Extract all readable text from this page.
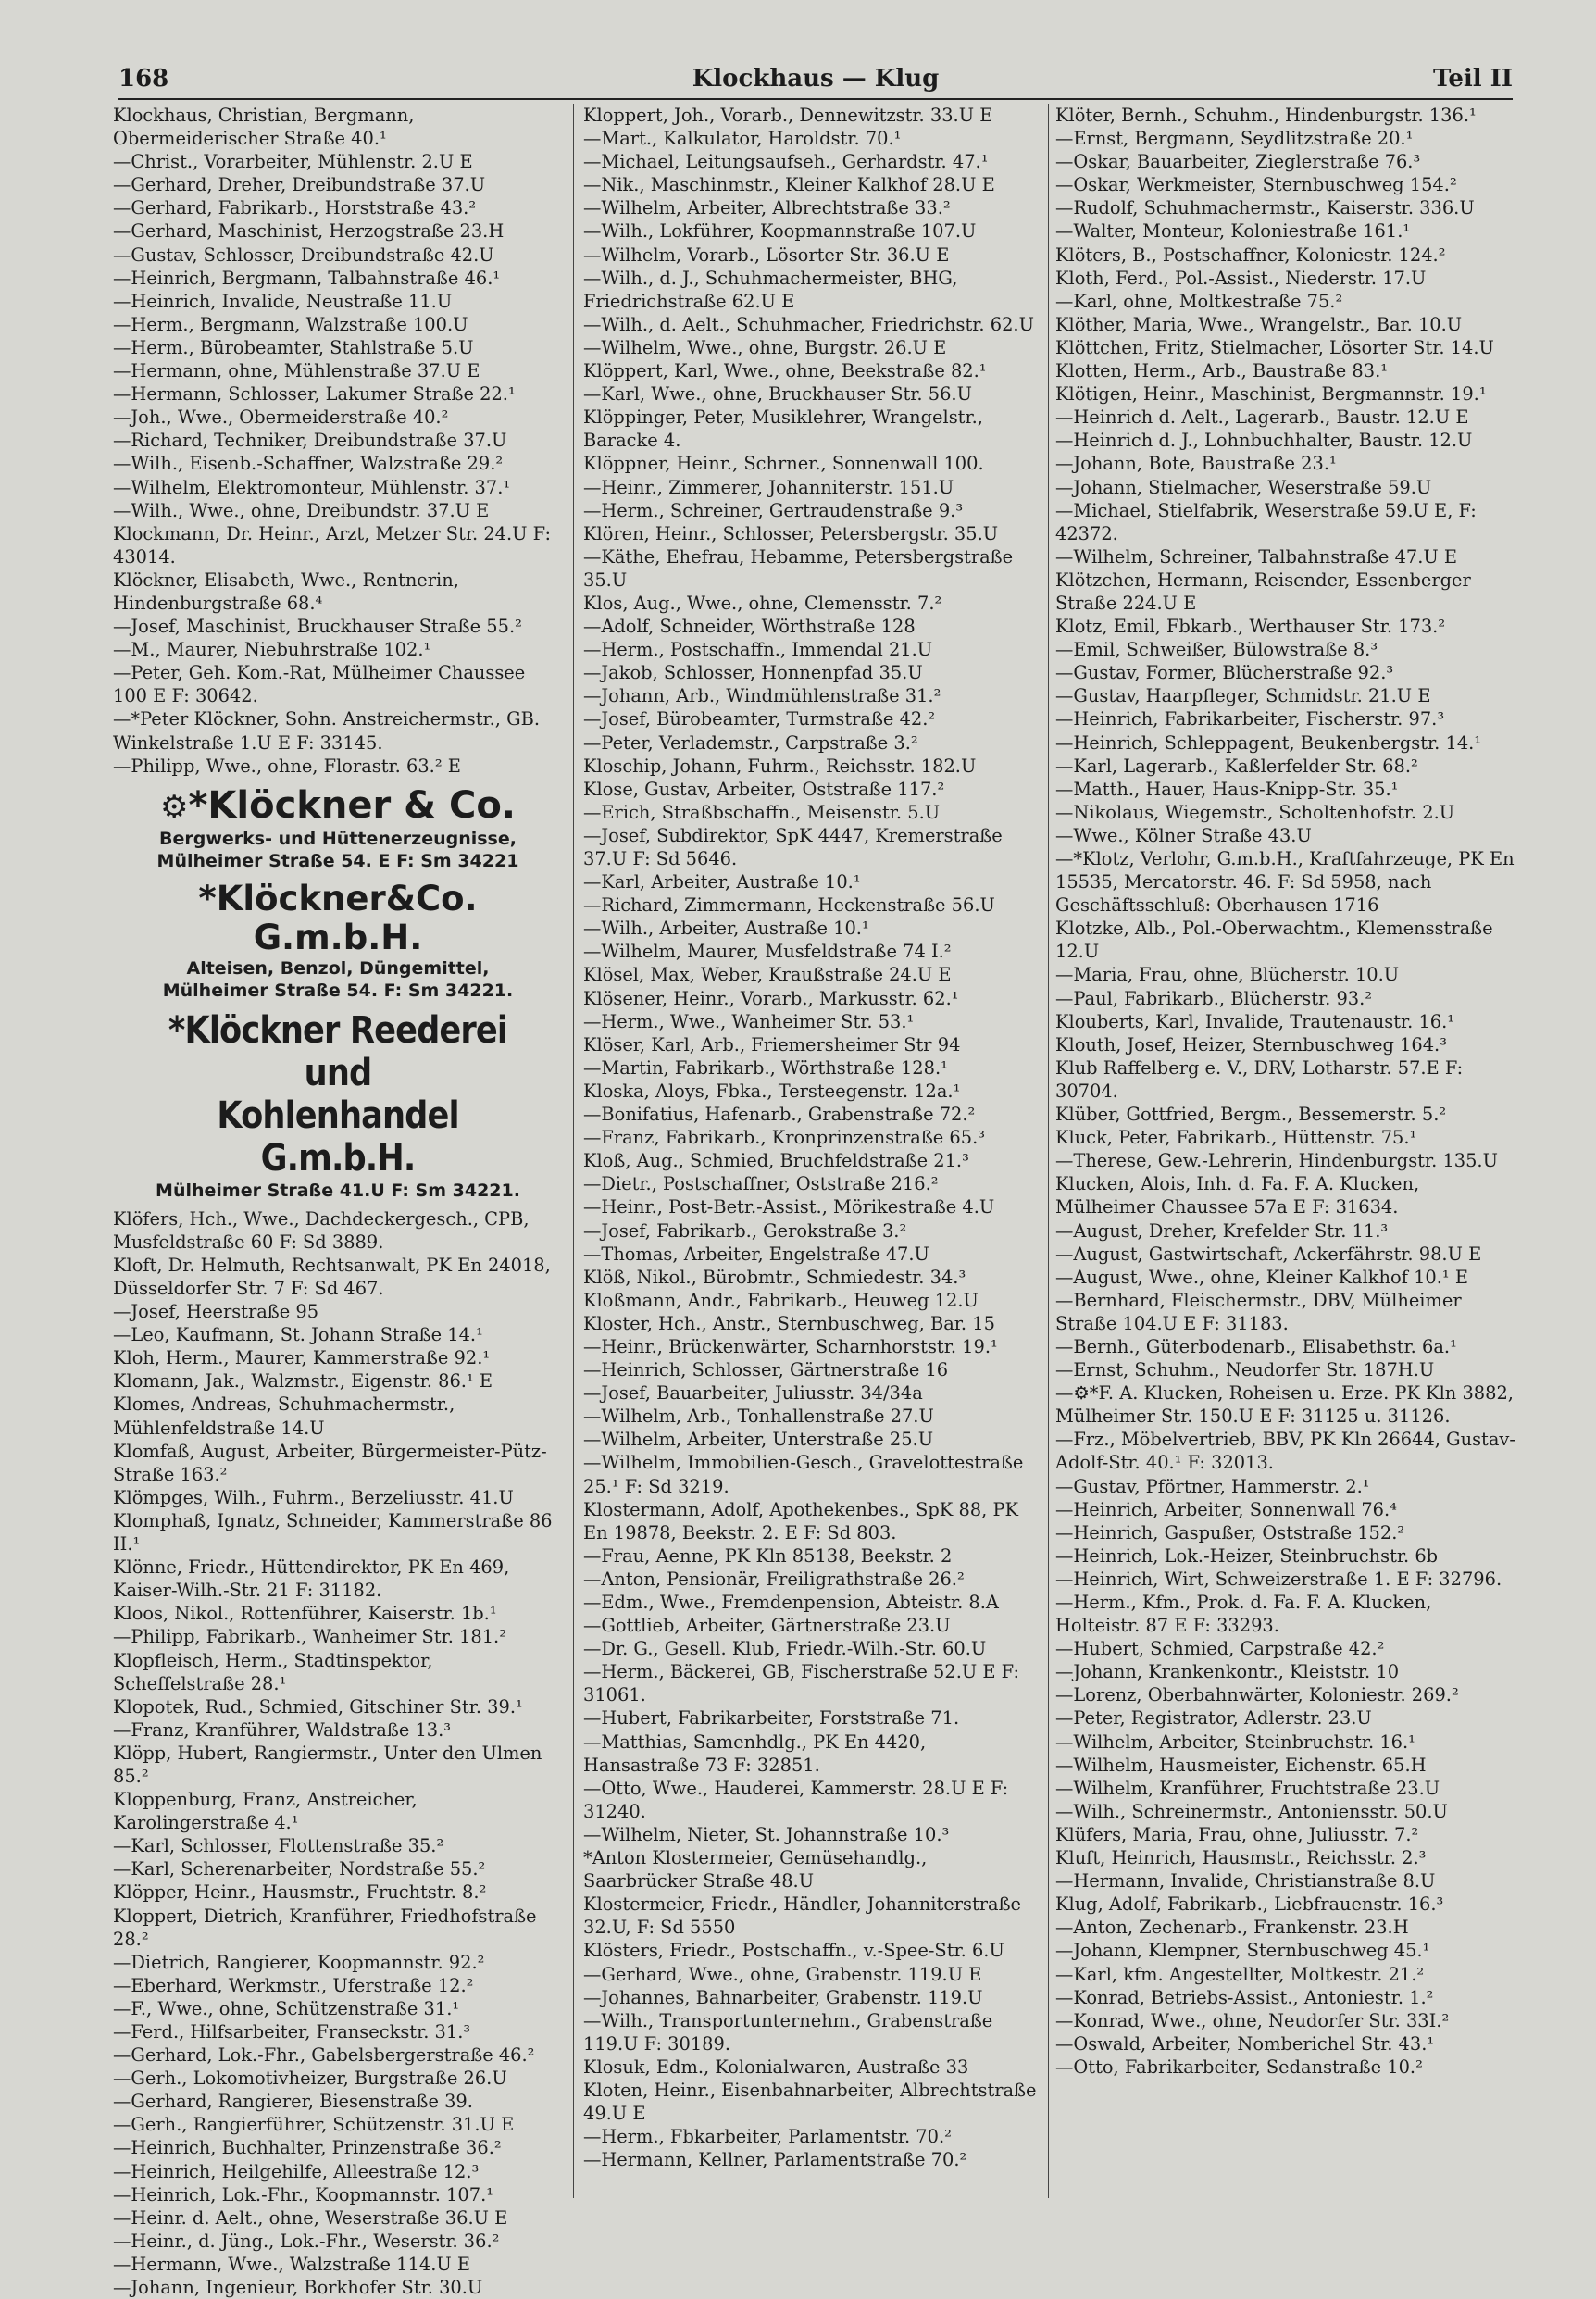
168	Klockhaus — Klug	Teil II
Klockhaus, Christian, Bergmann, Obermeiderischer Straße 40.¹
—Christ., Vorarbeiter, Mühlenstr. 2.U E
—Gerhard, Dreher, Dreibundstraße 37.U
—Gerhard, Fabrikarb., Horststraße 43.²
—Gerhard, Maschinist, Herzogstraße 23.H
—Gustav, Schlosser, Dreibundstraße 42.U
—Heinrich, Bergmann, Talbahnstraße 46.¹
—Heinrich, Invalide, Neustraße 11.U
—Herm., Bergmann, Walzstraße 100.U
—Herm., Bürobeamter, Stahlstraße 5.U
—Hermann, ohne, Mühlenstraße 37.U E
—Hermann, Schlosser, Lakumer Straße 22.¹
—Joh., Wwe., Obermeiderstraße 40.²
—Richard, Techniker, Dreibundstraße 37.U
—Wilh., Eisenb.-Schaffner, Walzstraße 29.²
—Wilhelm, Elektromonteur, Mühlenstr. 37.¹
—Wilh., Wwe., ohne, Dreibundstr. 37.U E
Klockmann, Dr. Heinr., Arzt, Metzer Str. 24.U F: 43014.
Klöckner, Elisabeth, Wwe., Rentnerin, Hindenburgstraße 68.⁴
—Josef, Maschinist, Bruckhauser Straße 55.²
—M., Maurer, Niebuhrstraße 102.¹
—Peter, Geh. Kom.-Rat, Mülheimer Chaussee 100 E F: 30642.
—*Peter Klöckner, Sohn. Anstreichermstr., GB. Winkelstraße 1.U E F: 33145.
—Philipp, Wwe., ohne, Florastr. 63.² E
⚙*Klöckner & Co.
Bergwerks- und Hüttenerzeugnisse,
Mülheimer Straße 54. E F: Sm 34221
*Klöckner&Co. G.m.b.H.
Alteisen, Benzol, Düngemittel,
Mülheimer Straße 54. F: Sm 34221.
*Klöckner Reederei und
Kohlenhandel G.m.b.H.
Mülheimer Straße 41.U F: Sm 34221.
Klöfers, Hch., Wwe., Dachdeckergesch., CPB, Musfeldstraße 60 F: Sd 3889.
Kloft, Dr. Helmuth, Rechtsanwalt, PK En 24018, Düsseldorfer Str. 7 F: Sd 467.
—Josef, Heerstraße 95
—Leo, Kaufmann, St. Johann Straße 14.¹
Kloh, Herm., Maurer, Kammerstraße 92.¹
Klomann, Jak., Walzmstr., Eigenstr. 86.¹ E
Klomes, Andreas, Schuhmachermstr., Mühlenfeldstraße 14.U
Klomfaß, August, Arbeiter, Bürgermeister-Pütz-Straße 163.²
Klömpges, Wilh., Fuhrm., Berzeliusstr. 41.U
Klomphaß, Ignatz, Schneider, Kammerstraße 86 II.¹
Klönne, Friedr., Hüttendirektor, PK En 469, Kaiser-Wilh.-Str. 21 F: 31182.
Kloos, Nikol., Rottenführer, Kaiserstr. 1b.¹
—Philipp, Fabrikarb., Wanheimer Str. 181.²
Klopfleisch, Herm., Stadtinspektor, Scheffelstraße 28.¹
Klopotek, Rud., Schmied, Gitschiner Str. 39.¹
—Franz, Kranführer, Waldstraße 13.³
Klöpp, Hubert, Rangiermstr., Unter den Ulmen 85.²
Kloppenburg, Franz, Anstreicher, Karolingerstraße 4.¹
—Karl, Schlosser, Flottenstraße 35.²
—Karl, Scherenarbeiter, Nordstraße 55.²
Klöpper, Heinr., Hausmstr., Fruchtstr. 8.²
Kloppert, Dietrich, Kranführer, Friedhofstraße 28.²
—Dietrich, Rangierer, Koopmannstr. 92.²
—Eberhard, Werkmstr., Uferstraße 12.²
—F., Wwe., ohne, Schützenstraße 31.¹
—Ferd., Hilfsarbeiter, Franseckstr. 31.³
—Gerhard, Lok.-Fhr., Gabelsbergerstraße 46.²
—Gerh., Lokomotivheizer, Burgstraße 26.U
—Gerhard, Rangierer, Biesenstraße 39.
—Gerh., Rangierführer, Schützenstr. 31.U E
—Heinrich, Buchhalter, Prinzenstraße 36.²
—Heinrich, Heilgehilfe, Alleestraße 12.³
—Heinrich, Lok.-Fhr., Koopmannstr. 107.¹
—Heinr. d. Aelt., ohne, Weserstraße 36.U E
—Heinr., d. Jüng., Lok.-Fhr., Weserstr. 36.²
—Hermann, Wwe., Walzstraße 114.U E
—Johann, Ingenieur, Borkhofer Str. 30.U
Kloppert, Joh., Vorarb., Dennewitzstr. 33.U E
—Mart., Kalkulator, Haroldstr. 70.¹
—Michael, Leitungsaufseh., Gerhardstr. 47.¹
—Nik., Maschinmstr., Kleiner Kalkhof 28.U E
—Wilhelm, Arbeiter, Albrechtstraße 33.²
—Wilh., Lokführer, Koopmannstraße 107.U
—Wilhelm, Vorarb., Lösorter Str. 36.U E
—Wilh., d. J., Schuhmachermeister, BHG, Friedrichstraße 62.U E
—Wilh., d. Aelt., Schuhmacher, Friedrichstr. 62.U
—Wilhelm, Wwe., ohne, Burgstr. 26.U E
Klöppert, Karl, Wwe., ohne, Beekstraße 82.¹
—Karl, Wwe., ohne, Bruckhauser Str. 56.U
Klöppinger, Peter, Musiklehrer, Wrangelstr., Baracke 4.
Klöppner, Heinr., Schrner., Sonnenwall 100.
—Heinr., Zimmerer, Johanniterstr. 151.U
—Herm., Schreiner, Gertraudenstraße 9.³
Klören, Heinr., Schlosser, Petersbergstr. 35.U
—Käthe, Ehefrau, Hebamme, Petersbergstraße 35.U
Klos, Aug., Wwe., ohne, Clemensstr. 7.²
—Adolf, Schneider, Wörthstraße 128
—Herm., Postschaffn., Immendal 21.U
—Jakob, Schlosser, Honnenpfad 35.U
—Johann, Arb., Windmühlenstraße 31.²
—Josef, Bürobeamter, Turmstraße 42.²
—Peter, Verlademstr., Carpstraße 3.²
Kloschip, Johann, Fuhrm., Reichsstr. 182.U
Klose, Gustav, Arbeiter, Oststraße 117.²
—Erich, Straßbschaffn., Meisenstr. 5.U
—Josef, Subdirektor, SpK 4447, Kremerstraße 37.U F: Sd 5646.
—Karl, Arbeiter, Austraße 10.¹
—Richard, Zimmermann, Heckenstraße 56.U
—Wilh., Arbeiter, Austraße 10.¹
—Wilhelm, Maurer, Musfeldstraße 74 I.²
Klösel, Max, Weber, Kraußstraße 24.U E
Klösener, Heinr., Vorarb., Markusstr. 62.¹
—Herm., Wwe., Wanheimer Str. 53.¹
Klöser, Karl, Arb., Friemersheimer Str 94
—Martin, Fabrikarb., Wörthstraße 128.¹
Kloska, Aloys, Fbka., Tersteegenstr. 12a.¹
—Bonifatius, Hafenarb., Grabenstraße 72.²
—Franz, Fabrikarb., Kronprinzenstraße 65.³
Kloß, Aug., Schmied, Bruchfeldstraße 21.³
—Dietr., Postschaffner, Oststraße 216.²
—Heinr., Post-Betr.-Assist., Mörikestraße 4.U
—Josef, Fabrikarb., Gerokstraße 3.²
—Thomas, Arbeiter, Engelstraße 47.U
Klöß, Nikol., Bürobmtr., Schmiedestr. 34.³
Kloßmann, Andr., Fabrikarb., Heuweg 12.U
Kloster, Hch., Anstr., Sternbuschweg, Bar. 15
—Heinr., Brückenwärter, Scharnhorststr. 19.¹
—Heinrich, Schlosser, Gärtnerstraße 16
—Josef, Bauarbeiter, Juliusstr. 34/34a
—Wilhelm, Arb., Tonhallenstraße 27.U
—Wilhelm, Arbeiter, Unterstraße 25.U
—Wilhelm, Immobilien-Gesch., Gravelottestraße 25.¹ F: Sd 3219.
Klostermann, Adolf, Apothekenbes., SpK 88, PK En 19878, Beekstr. 2. E F: Sd 803.
—Frau, Aenne, PK Kln 85138, Beekstr. 2
—Anton, Pensionär, Freiligrathstraße 26.²
—Edm., Wwe., Fremdenpension, Abteistr. 8.A
—Gottlieb, Arbeiter, Gärtnerstraße 23.U
—Dr. G., Gesell. Klub, Friedr.-Wilh.-Str. 60.U
—Herm., Bäckerei, GB, Fischerstraße 52.U E F: 31061.
—Hubert, Fabrikarbeiter, Forststraße 71.
—Matthias, Samenhdlg., PK En 4420, Hansastraße 73 F: 32851.
—Otto, Wwe., Hauderei, Kammerstr. 28.U E F: 31240.
—Wilhelm, Nieter, St. Johannstraße 10.³
*Anton Klostermeier, Gemüsehandlg., Saarbrücker Straße 48.U
Klostermeier, Friedr., Händler, Johanniterstraße 32.U, F: Sd 5550
Klösters, Friedr., Postschaffn., v.-Spee-Str. 6.U
—Gerhard, Wwe., ohne, Grabenstr. 119.U E
—Johannes, Bahnarbeiter, Grabenstr. 119.U
—Wilh., Transportunternehm., Grabenstraße 119.U F: 30189.
Klosuk, Edm., Kolonialwaren, Austraße 33
Kloten, Heinr., Eisenbahnarbeiter, Albrechtstraße 49.U E
—Herm., Fbkarbeiter, Parlamentstr. 70.²
—Hermann, Kellner, Parlamentstraße 70.²
Klöter, Bernh., Schuhm., Hindenburgstr. 136.¹
—Ernst, Bergmann, Seydlitzstraße 20.¹
—Oskar, Bauarbeiter, Zieglerstraße 76.³
—Oskar, Werkmeister, Sternbuschweg 154.²
—Rudolf, Schuhmachermstr., Kaiserstr. 336.U
—Walter, Monteur, Koloniestraße 161.¹
Klöters, B., Postschaffner, Koloniestr. 124.²
Kloth, Ferd., Pol.-Assist., Niederstr. 17.U
—Karl, ohne, Moltkestraße 75.²
Klöther, Maria, Wwe., Wrangelstr., Bar. 10.U
Klöttchen, Fritz, Stielmacher, Lösorter Str. 14.U
Klotten, Herm., Arb., Baustraße 83.¹
Klötigen, Heinr., Maschinist, Bergmannstr. 19.¹
—Heinrich d. Aelt., Lagerarb., Baustr. 12.U E
—Heinrich d. J., Lohnbuchhalter, Baustr. 12.U
—Johann, Bote, Baustraße 23.¹
—Johann, Stielmacher, Weserstraße 59.U
—Michael, Stielfabrik, Weserstraße 59.U E, F: 42372.
—Wilhelm, Schreiner, Talbahnstraße 47.U E
Klötzchen, Hermann, Reisender, Essenberger Straße 224.U E
Klotz, Emil, Fbkarb., Werthauser Str. 173.²
—Emil, Schweißer, Bülowstraße 8.³
—Gustav, Former, Blücherstraße 92.³
—Gustav, Haarpfleger, Schmidstr. 21.U E
—Heinrich, Fabrikarbeiter, Fischerstr. 97.³
—Heinrich, Schleppagent, Beukenbergstr. 14.¹
—Karl, Lagerarb., Kaßlerfelder Str. 68.²
—Matth., Hauer, Haus-Knipp-Str. 35.¹
—Nikolaus, Wiegemstr., Scholtenhofstr. 2.U
—Wwe., Kölner Straße 43.U
—*Klotz, Verlohr, G.m.b.H., Kraftfahrzeuge, PK En 15535, Mercatorstr. 46. F: Sd 5958, nach Geschäftsschluß: Oberhausen 1716
Klotzke, Alb., Pol.-Oberwachtm., Klemensstraße 12.U
—Maria, Frau, ohne, Blücherstr. 10.U
—Paul, Fabrikarb., Blücherstr. 93.²
Klouberts, Karl, Invalide, Trautenaustr. 16.¹
Klouth, Josef, Heizer, Sternbuschweg 164.³
Klub Raffelberg e. V., DRV, Lotharstr. 57.E F: 30704.
Klüber, Gottfried, Bergm., Bessemerstr. 5.²
Kluck, Peter, Fabrikarb., Hüttenstr. 75.¹
—Therese, Gew.-Lehrerin, Hindenburgstr. 135.U
Klucken, Alois, Inh. d. Fa. F. A. Klucken, Mülheimer Chaussee 57a E F: 31634.
—August, Dreher, Krefelder Str. 11.³
—August, Gastwirtschaft, Ackerfährstr. 98.U E
—August, Wwe., ohne, Kleiner Kalkhof 10.¹ E
—Bernhard, Fleischermstr., DBV, Mülheimer Straße 104.U E F: 31183.
—Bernh., Güterbodenarb., Elisabethstr. 6a.¹
—Ernst, Schuhm., Neudorfer Str. 187H.U
—⚙*F. A. Klucken, Roheisen u. Erze. PK Kln 3882, Mülheimer Str. 150.U E F: 31125 u. 31126.
—Frz., Möbelvertrieb, BBV, PK Kln 26644, Gustav-Adolf-Str. 40.¹ F: 32013.
—Gustav, Pförtner, Hammerstr. 2.¹
—Heinrich, Arbeiter, Sonnenwall 76.⁴
—Heinrich, Gaspußer, Oststraße 152.²
—Heinrich, Lok.-Heizer, Steinbruchstr. 6b
—Heinrich, Wirt, Schweizerstraße 1. E F: 32796.
—Herm., Kfm., Prok. d. Fa. F. A. Klucken, Holteistr. 87 E F: 33293.
—Hubert, Schmied, Carpstraße 42.²
—Johann, Krankenkontr., Kleiststr. 10
—Lorenz, Oberbahnwärter, Koloniestr. 269.²
—Peter, Registrator, Adlerstr. 23.U
—Wilhelm, Arbeiter, Steinbruchstr. 16.¹
—Wilhelm, Hausmeister, Eichenstr. 65.H
—Wilhelm, Kranführer, Fruchtstraße 23.U
—Wilh., Schreinermstr., Antoniensstr. 50.U
Klüfers, Maria, Frau, ohne, Juliusstr. 7.²
Kluft, Heinrich, Hausmstr., Reichsstr. 2.³
—Hermann, Invalide, Christianstraße 8.U
Klug, Adolf, Fabrikarb., Liebfrauenstr. 16.³
—Anton, Zechenarb., Frankenstr. 23.H
—Johann, Klempner, Sternbuschweg 45.¹
—Karl, kfm. Angestellter, Moltkestr. 21.²
—Konrad, Betriebs-Assist., Antoniestr. 1.²
—Konrad, Wwe., ohne, Neudorfer Str. 33I.²
—Oswald, Arbeiter, Nomberichel Str. 43.¹
—Otto, Fabrikarbeiter, Sedanstraße 10.²
